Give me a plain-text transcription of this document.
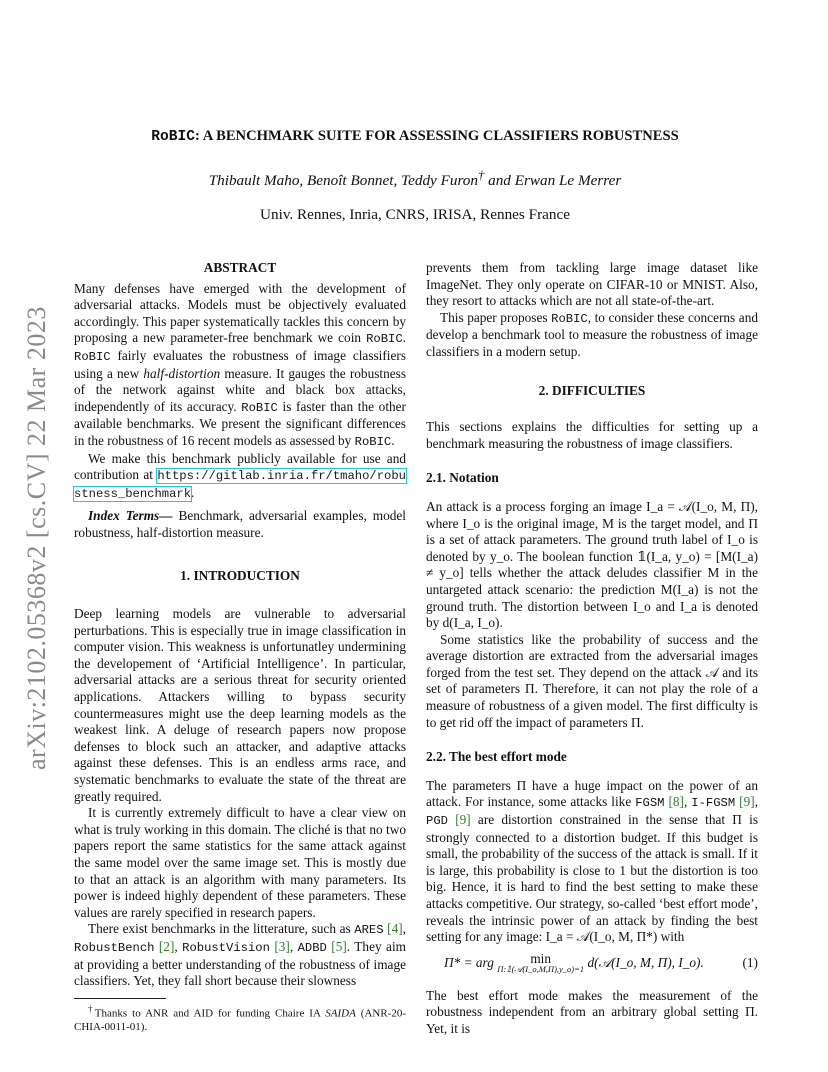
arXiv:2102.05368v2 [cs.CV] 22 Mar 2023
RoBIC: A BENCHMARK SUITE FOR ASSESSING CLASSIFIERS ROBUSTNESS
Thibault Maho, Benoît Bonnet, Teddy Furon† and Erwan Le Merrer
Univ. Rennes, Inria, CNRS, IRISA, Rennes France

ABSTRACT

Many defenses have emerged with the development of adversarial attacks. Models must be objectively evaluated accordingly. This paper systematically tackles this concern by proposing a new parameter-free benchmark we coin RoBIC. RoBIC fairly evaluates the robustness of image classifiers using a new half-distortion measure. It gauges the robustness of the network against white and black box attacks, independently of its accuracy. RoBIC is faster than the other available benchmarks. We present the significant differences in the robustness of 16 recent models as assessed by RoBIC.

We make this benchmark publicly available for use and contribution at https://gitlab.inria.fr/tmaho/robustness_benchmark.

Index Terms— Benchmark, adversarial examples, model robustness, half-distortion measure.

1. INTRODUCTION

Deep learning models are vulnerable to adversarial perturbations. This is especially true in image classification in computer vision. This weakness is unfortunatley undermining the developement of ‘Artificial Intelligence’. In particular, adversarial attacks are a serious threat for security oriented applications. Attackers willing to bypass security countermeasures might use the deep learning models as the weakest link. A deluge of research papers now propose defenses to block such an attacker, and adaptive attacks against these defenses. This is an endless arms race, and systematic benchmarks to evaluate the state of the threat are greatly required.

It is currently extremely difficult to have a clear view on what is truly working in this domain. The cliché is that no two papers report the same statistics for the same attack against the same model over the same image set. This is mostly due to that an attack is an algorithm with many parameters. Its power is indeed highly dependent of these parameters. These values are rarely specified in research papers.

There exist benchmarks in the litterature, such as ARES [4], RobustBench [2], RobustVision [3], ADBD [5]. They aim at providing a better understanding of the robustness of image classifiers. Yet, they fall short because their slowness

†Thanks to ANR and AID for funding Chaire IA SAIDA (ANR-20-CHIA-0011-01).

prevents them from tackling large image dataset like ImageNet. They only operate on CIFAR-10 or MNIST. Also, they resort to attacks which are not all state-of-the-art.

This paper proposes RoBIC, to consider these concerns and develop a benchmark tool to measure the robustness of image classifiers in a modern setup.

2. DIFFICULTIES

This sections explains the difficulties for setting up a benchmark measuring the robustness of image classifiers.

2.1. Notation

An attack is a process forging an image I_a = 𝒜(I_o, M, Π), where I_o is the original image, M is the target model, and Π is a set of attack parameters. The ground truth label of I_o is denoted by y_o. The boolean function 𝟙(I_a, y_o) = [M(I_a) ≠ y_o] tells whether the attack deludes classifier M in the untargeted attack scenario: the prediction M(I_a) is not the ground truth. The distortion between I_o and I_a is denoted by d(I_a, I_o).

Some statistics like the probability of success and the average distortion are extracted from the adversarial images forged from the test set. They depend on the attack 𝒜 and its set of parameters Π. Therefore, it can not play the role of a measure of robustness of a given model. The first difficulty is to get rid off the impact of parameters Π.

2.2. The best effort mode

The parameters Π have a huge impact on the power of an attack. For instance, some attacks like FGSM [8], I-FGSM [9], PGD [9] are distortion constrained in the sense that Π is strongly connected to a distortion budget. If this budget is small, the probability of the success of the attack is small. If it is large, this probability is close to 1 but the distortion is too big. Hence, it is hard to find the best setting to make these attacks competitive. Our strategy, so-called ‘best effort mode’, reveals the intrinsic power of an attack by finding the best setting for any image: I_a = 𝒜(I_o, M, Π*) with

Π* = arg	min
Π:𝟙(𝒜(I_o,M,Π),y_o)=1 d(𝒜(I_o, M, Π), I_o).	(1)

The best effort mode makes the measurement of the robustness independent from an arbitrary global setting Π. Yet, it is
